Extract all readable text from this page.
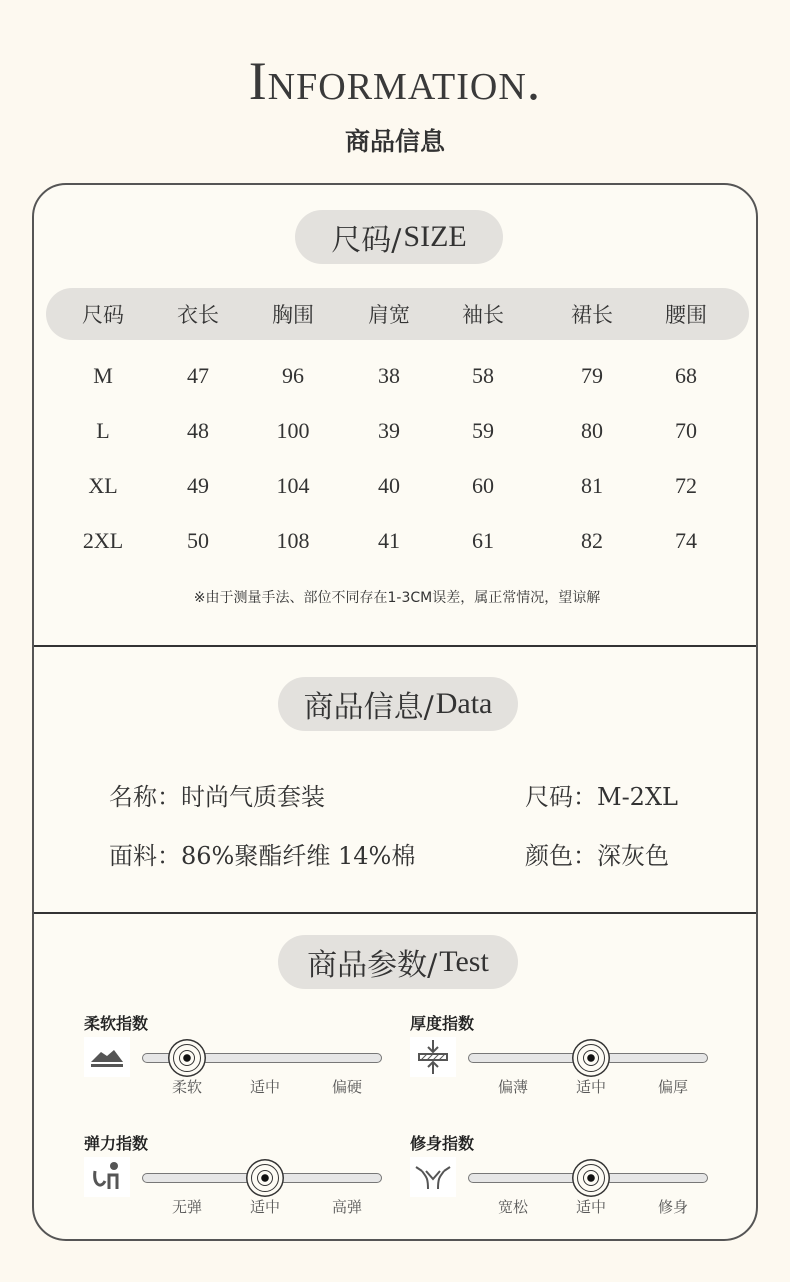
Information.
商品信息
尺码/ SIZE
※由于测量手法、部位不同存在1-3CM误差，属正常情况，望谅解
商品信息/ Data
名称：时尚气质套装	尺码：M-2XL
面料：86%聚酯纤维 14%棉	颜色：深灰色
商品参数/ Test
尺码	衣长	胸围	肩宽	袖长	裙长	腰围
M	47	96	38	58	79	68
L	48	100	39	59	80	70
XL	49	104	40	60	81	72
2XL	50	108	41	61	82	74
柔软指数
柔软	适中	偏硬
厚度指数
偏薄	适中	偏厚
弹力指数
无弹	适中	高弹
修身指数
宽松	适中	修身
